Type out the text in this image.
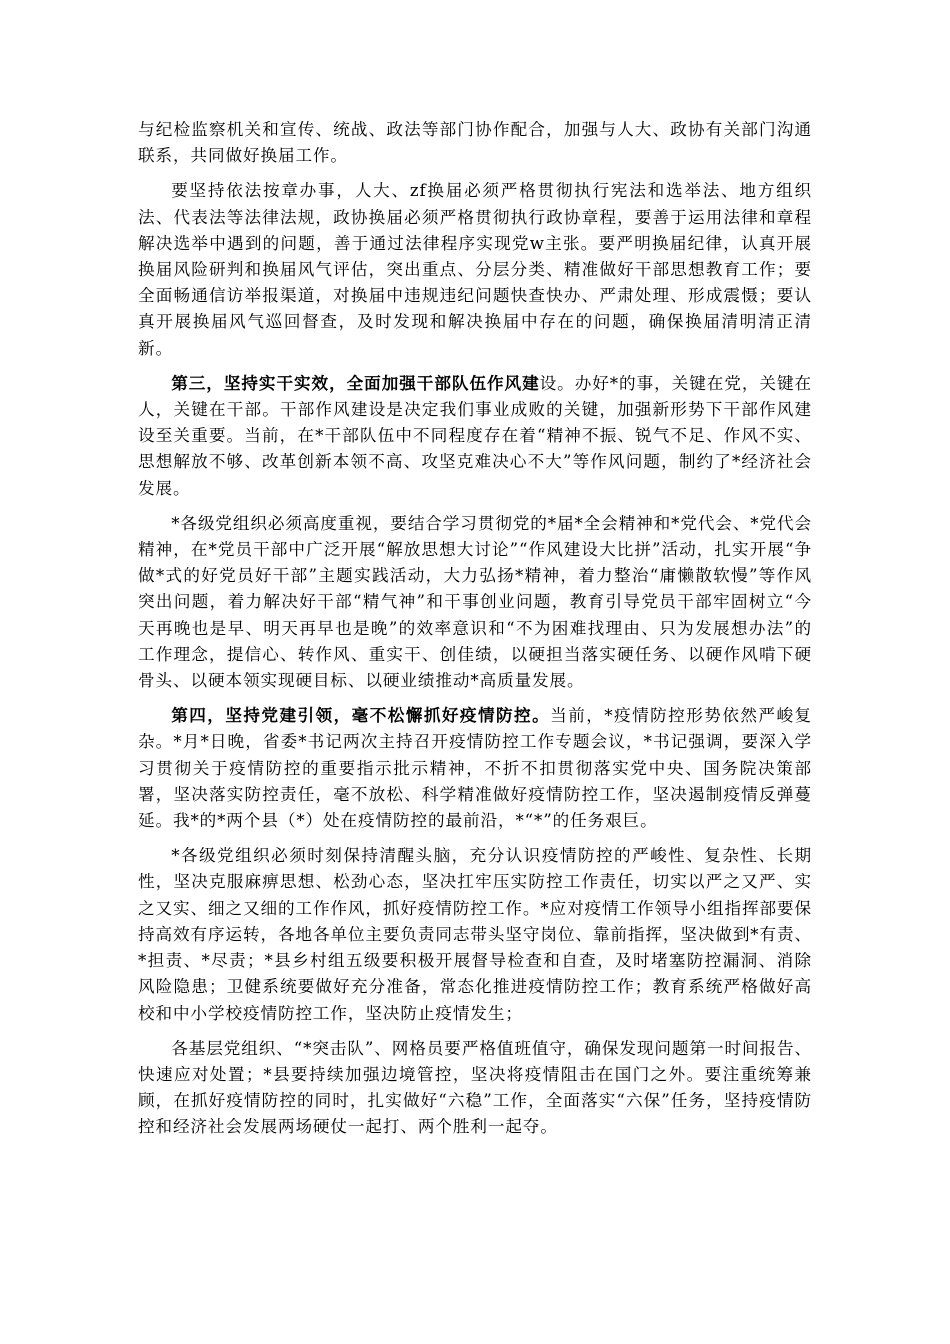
与纪检监察机关和宣传、统战、政法等部门协作配合，加强与人大、政协有关部门沟通联系，共同做好换届工作。

要坚持依法按章办事，人大、zf换届必须严格贯彻执行宪法和选举法、地方组织法、代表法等法律法规，政协换届必须严格贯彻执行政协章程，要善于运用法律和章程解决选举中遇到的问题，善于通过法律程序实现党w主张。要严明换届纪律，认真开展换届风险研判和换届风气评估，突出重点、分层分类、精准做好干部思想教育工作；要全面畅通信访举报渠道，对换届中违规违纪问题快查快办、严肃处理、形成震慑；要认真开展换届风气巡回督查，及时发现和解决换届中存在的问题，确保换届清明清正清新。

第三，坚持实干实效，全面加强干部队伍作风建设。办好*的事，关键在党，关键在人，关键在干部。干部作风建设是决定我们事业成败的关键，加强新形势下干部作风建设至关重要。当前，在*干部队伍中不同程度存在着“精神不振、锐气不足、作风不实、思想解放不够、改革创新本领不高、攻坚克难决心不大”等作风问题，制约了*经济社会发展。

*各级党组织必须高度重视，要结合学习贯彻党的*届*全会精神和*党代会、*党代会精神，在*党员干部中广泛开展“解放思想大讨论”“作风建设大比拼”活动，扎实开展“争做*式的好党员好干部”主题实践活动，大力弘扬*精神，着力整治“庸懒散软慢”等作风突出问题，着力解决好干部“精气神”和干事创业问题，教育引导党员干部牢固树立“今天再晚也是早、明天再早也是晚”的效率意识和“不为困难找理由、只为发展想办法”的工作理念，提信心、转作风、重实干、创佳绩，以硬担当落实硬任务、以硬作风啃下硬骨头、以硬本领实现硬目标、以硬业绩推动*高质量发展。

第四，坚持党建引领，毫不松懈抓好疫情防控。当前，*疫情防控形势依然严峻复杂。*月*日晚，省委*书记两次主持召开疫情防控工作专题会议，*书记强调，要深入学习贯彻关于疫情防控的重要指示批示精神，不折不扣贯彻落实党中央、国务院决策部署，坚决落实防控责任，毫不放松、科学精准做好疫情防控工作，坚决遏制疫情反弹蔓延。我*的*两个县（*）处在疫情防控的最前沿，*“*”的任务艰巨。

*各级党组织必须时刻保持清醒头脑，充分认识疫情防控的严峻性、复杂性、长期性，坚决克服麻痹思想、松劲心态，坚决扛牢压实防控工作责任，切实以严之又严、实之又实、细之又细的工作作风，抓好疫情防控工作。*应对疫情工作领导小组指挥部要保持高效有序运转，各地各单位主要负责同志带头坚守岗位、靠前指挥，坚决做到*有责、*担责、*尽责；*县乡村组五级要积极开展督导检查和自查，及时堵塞防控漏洞、消除风险隐患；卫健系统要做好充分准备，常态化推进疫情防控工作；教育系统严格做好高校和中小学校疫情防控工作，坚决防止疫情发生；

各基层党组织、“*突击队”、网格员要严格值班值守，确保发现问题第一时间报告、快速应对处置；*县要持续加强边境管控，坚决将疫情阻击在国门之外。要注重统筹兼顾，在抓好疫情防控的同时，扎实做好“六稳”工作，全面落实“六保”任务，坚持疫情防控和经济社会发展两场硬仗一起打、两个胜利一起夺。
